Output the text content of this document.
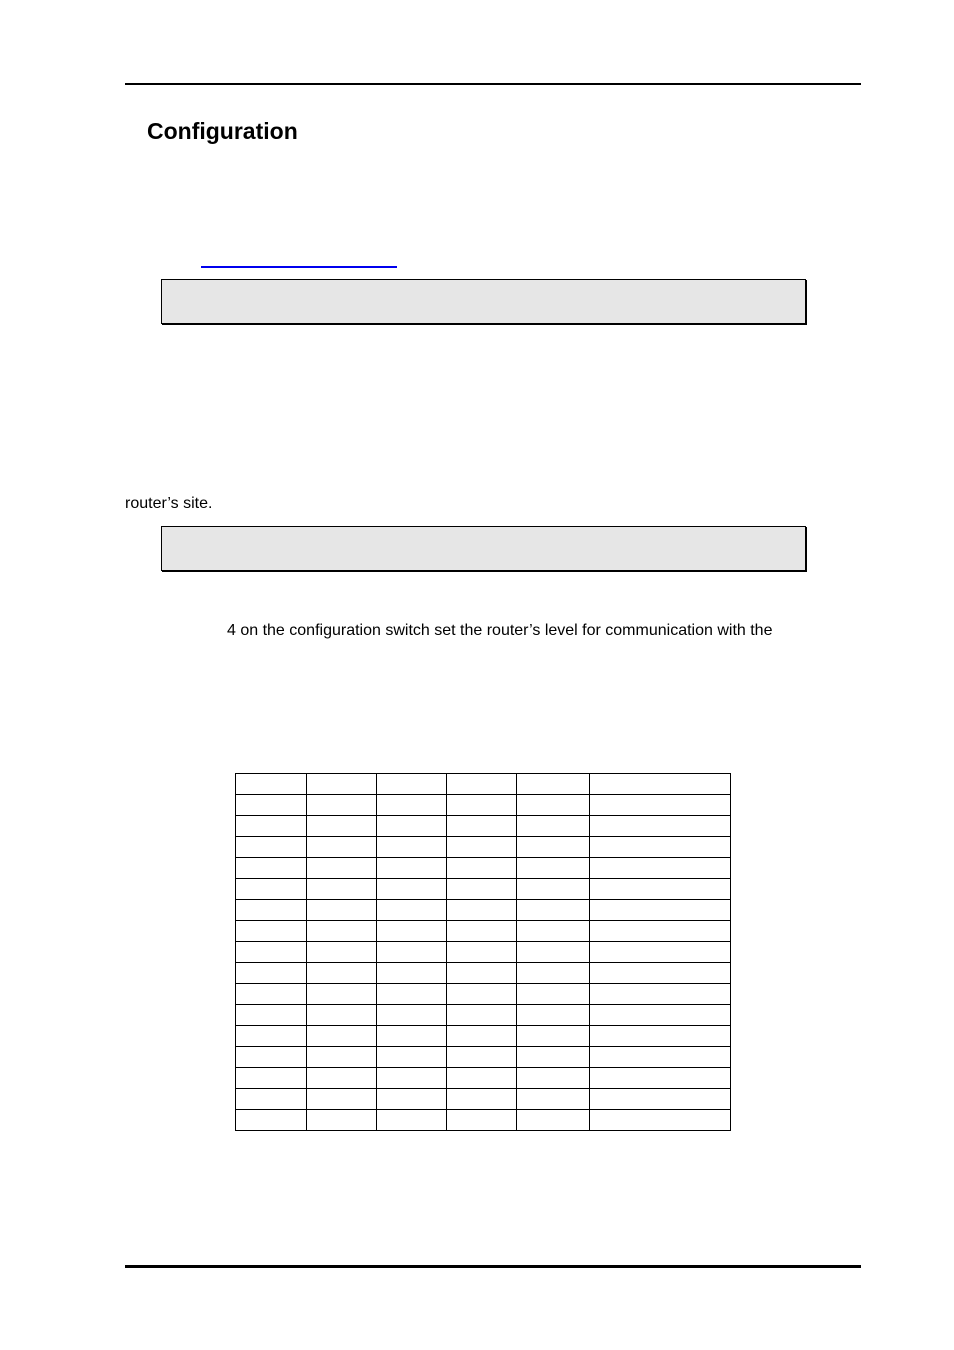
Configuration
router’s site.
4 on the configuration switch set the router’s level for communication with the
